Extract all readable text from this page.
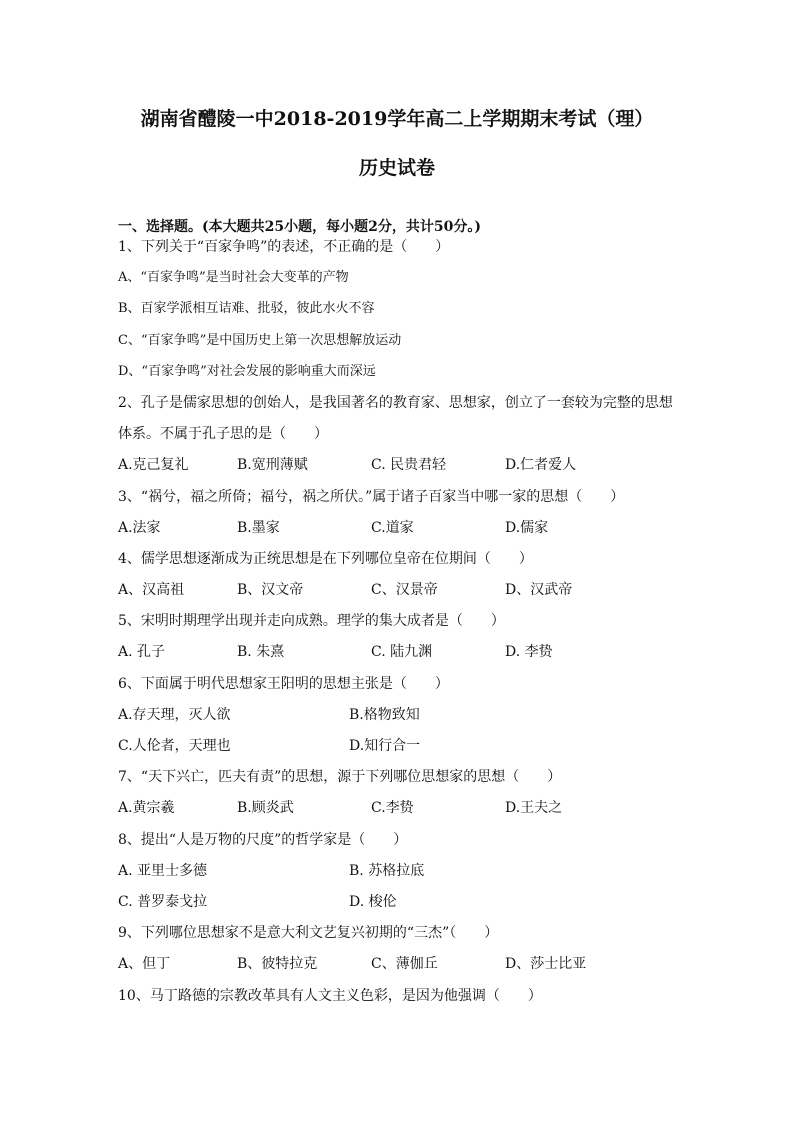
湖南省醴陵一中2018-2019学年高二上学期期末考试（理）
历史试卷
一、选择题。(本大题共25小题，每小题2分，共计50分。)
1、下列关于“百家争鸣”的表述，不正确的是（　　）
A、“百家争鸣”是当时社会大变革的产物
B、百家学派相互诘难、批驳，彼此水火不容
C、“百家争鸣”是中国历史上第一次思想解放运动
D、“百家争鸣”对社会发展的影响重大而深远
2、孔子是儒家思想的创始人，是我国著名的教育家、思想家，创立了一套较为完整的思想
体系。不属于孔子思的是（　　）
A.克己复礼	B.宽刑薄赋	C. 民贵君轻	D.仁者爱人
3、“祸兮，福之所倚；福兮，祸之所伏。”属于诸子百家当中哪一家的思想（　　）
A.法家	B.墨家	C.道家	D.儒家
4、儒学思想逐渐成为正统思想是在下列哪位皇帝在位期间（　　）
A、汉高祖	B、汉文帝	C、汉景帝	D、汉武帝
5、宋明时期理学出现并走向成熟。理学的集大成者是（　　）
A. 孔子	B. 朱熹	C. 陆九渊	D. 李贽
6、下面属于明代思想家王阳明的思想主张是（　　）
A.存天理，灭人欲	B.格物致知
C.人伦者，天理也	D.知行合一
7、“天下兴亡，匹夫有责”的思想，源于下列哪位思想家的思想（　　）
A.黄宗羲	B.顾炎武	C.李贽	D.王夫之
8、提出“人是万物的尺度”的哲学家是（　　）
A. 亚里士多德	B. 苏格拉底
C. 普罗泰戈拉	D. 梭伦
9、下列哪位思想家不是意大利文艺复兴初期的“三杰”（　　）
A、但丁	B、彼特拉克	C、薄伽丘	D、莎士比亚
10、马丁路德的宗教改革具有人文主义色彩，是因为他强调（　　）
